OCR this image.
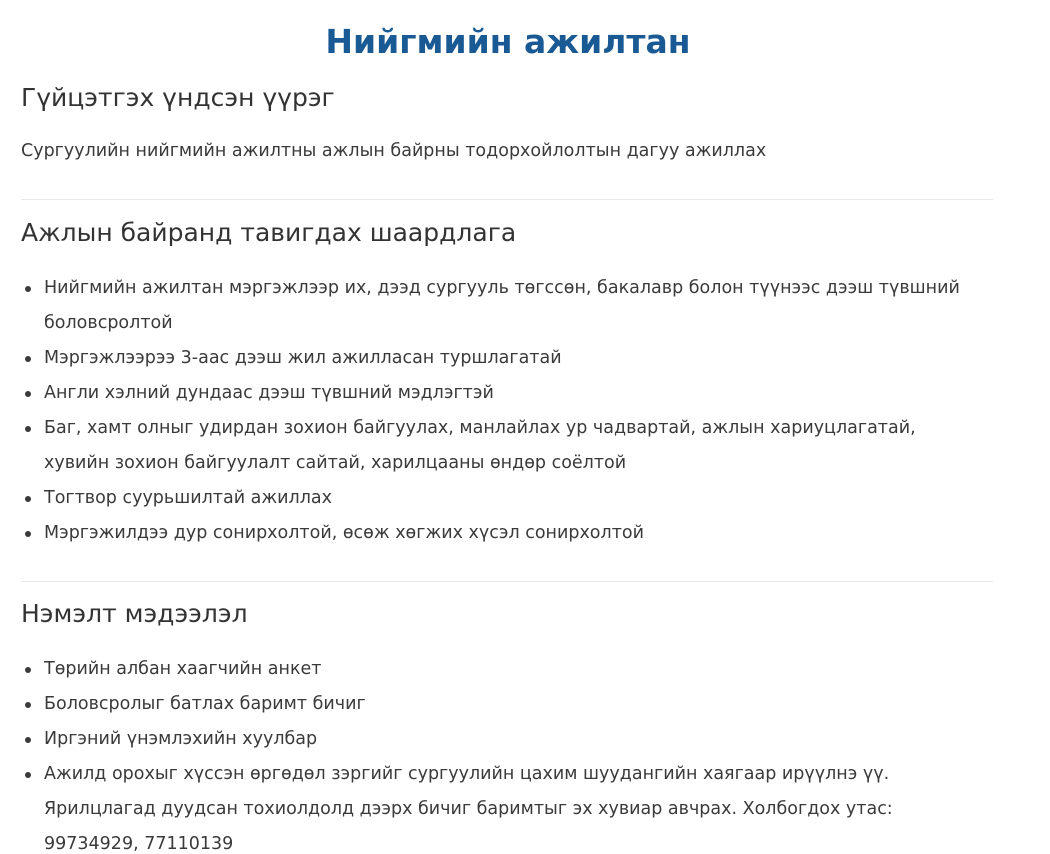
Нийгмийн ажилтан
Гүйцэтгэх үндсэн үүрэг

Сургуулийн нийгмийн ажилтны ажлын байрны тодорхойлолтын дагуу ажиллах

Ажлын байранд тавигдах шаардлага
Нийгмийн ажилтан мэргэжлээр их, дээд сургууль төгссөн, бакалавр болон түүнээс дээш түвшний боловсролтой
Мэргэжлээрээ 3-аас дээш жил ажилласан туршлагатай
Англи хэлний дундаас дээш түвшний мэдлэгтэй
Баг, хамт олныг удирдан зохион байгуулах, манлайлах ур чадвартай, ажлын хариуцлагатай, хувийн зохион байгуулалт сайтай, харилцааны өндөр соёлтой
Тогтвор суурьшилтай ажиллах
Мэргэжилдээ дур сонирхолтой, өсөж хөгжих хүсэл сонирхолтой
Нэмэлт мэдээлэл
Төрийн албан хаагчийн анкет
Боловсролыг батлах баримт бичиг
Иргэний үнэмлэхийн хуулбар
Ажилд орохыг хүссэн өргөдөл зэргийг сургуулийн цахим шуудангийн хаягаар ирүүлнэ үү. Ярилцлагад дуудсан тохиолдолд дээрх бичиг баримтыг эх хувиар авчрах. Холбогдох утас: 99734929, 77110139
